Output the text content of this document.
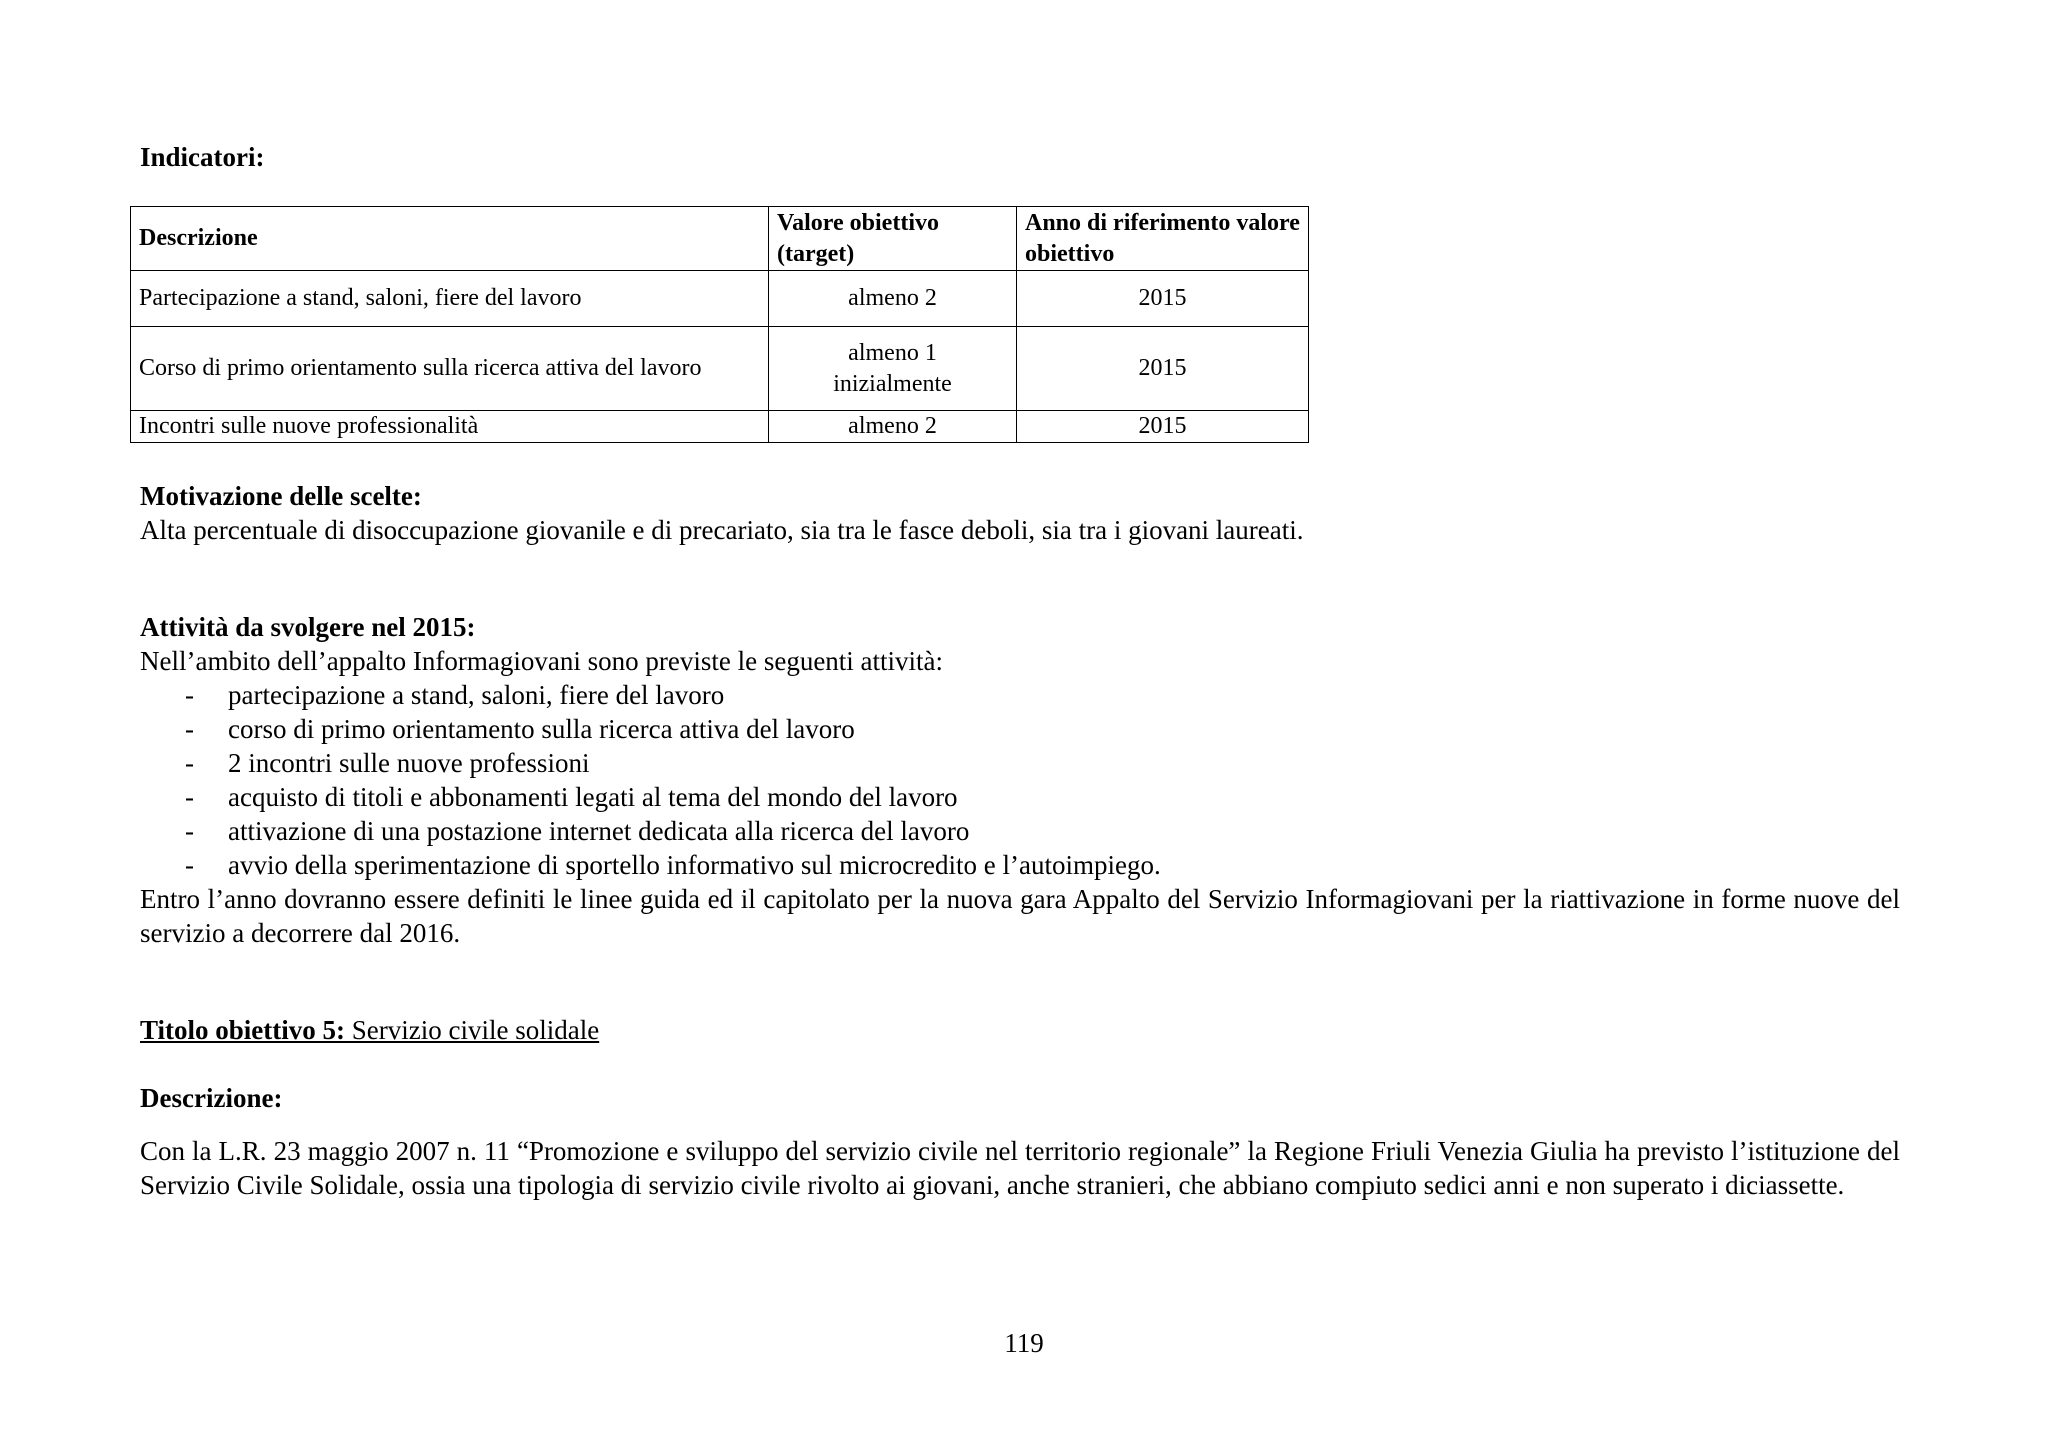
Indicatori:

Descrizione	Valore obiettivo (target)	Anno di riferimento valore obiettivo
Partecipazione a stand, saloni, fiere del lavoro	almeno 2	2015
Corso di primo orientamento sulla ricerca attiva del lavoro	almeno 1 inizialmente	2015
Incontri sulle nuove professionalità	almeno 2	2015

Motivazione delle scelte:

Alta percentuale di disoccupazione giovanile e di precariato, sia tra le fasce deboli, sia tra i giovani laureati.

Attività da svolgere nel 2015:

Nell’ambito dell’appalto Informagiovani sono previste le seguenti attività:

- partecipazione a stand, saloni, fiere del lavoro
- corso di primo orientamento sulla ricerca attiva del lavoro
- 2 incontri sulle nuove professioni
- acquisto di titoli e abbonamenti legati al tema del mondo del lavoro
- attivazione di una postazione internet dedicata alla ricerca del lavoro
- avvio della sperimentazione di sportello informativo sul microcredito e l’autoimpiego.

Entro l’anno dovranno essere definiti le linee guida ed il capitolato per la nuova gara Appalto del Servizio Informagiovani per la riattivazione in forme nuove del servizio a decorrere dal 2016.

Titolo obiettivo 5: Servizio civile solidale

Descrizione:

Con la L.R. 23 maggio 2007 n. 11 “Promozione e sviluppo del servizio civile nel territorio regionale” la Regione Friuli Venezia Giulia ha previsto l’istituzione del Servizio Civile Solidale, ossia una tipologia di servizio civile rivolto ai giovani, anche stranieri, che abbiano compiuto sedici anni e non superato i diciassette.

119
